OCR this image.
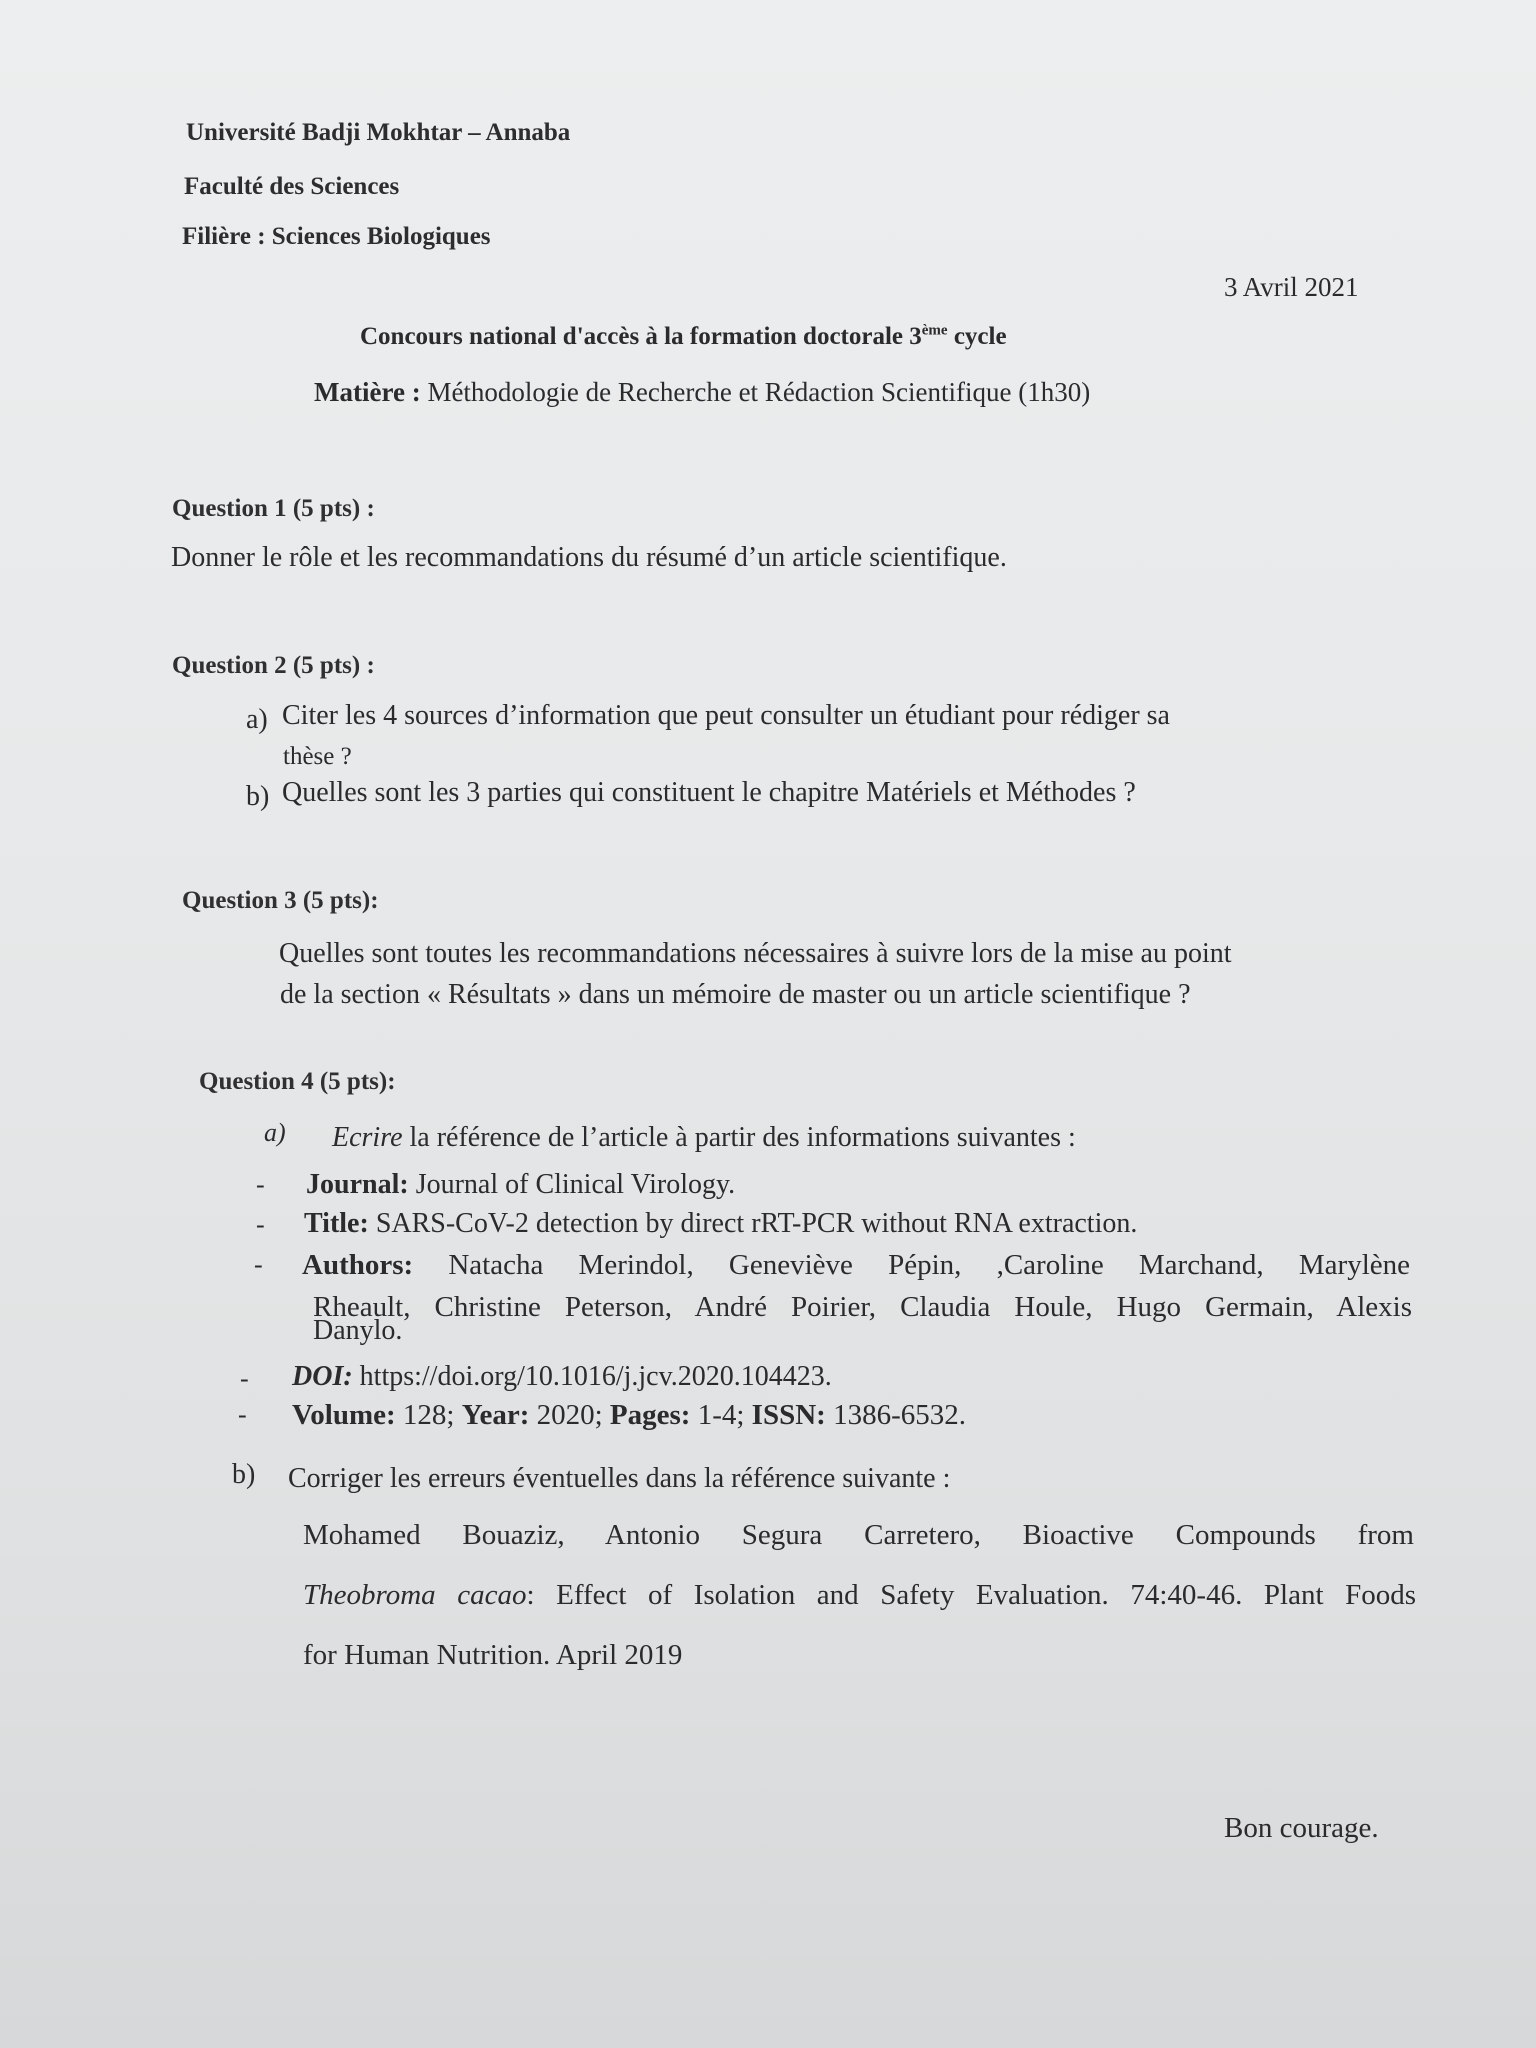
Université Badji Mokhtar – Annaba
Faculté des Sciences
Filière : Sciences Biologiques
3 Avril 2021
Concours national d'accès à la formation doctorale 3ème cycle
Matière : Méthodologie de Recherche et Rédaction Scientifique (1h30)
Question 1 (5 pts) :
Donner le rôle et les recommandations du résumé d’un article scientifique.
Question 2 (5 pts) :
a) Citer les 4 sources d’information que peut consulter un étudiant pour rédiger sa
thèse ?
b) Quelles sont les 3 parties qui constituent le chapitre Matériels et Méthodes ?
Question 3 (5 pts):
Quelles sont toutes les recommandations nécessaires à suivre lors de la mise au point
de la section « Résultats » dans un mémoire de master ou un article scientifique ?
Question 4 (5 pts):
a) Ecrire la référence de l’article à partir des informations suivantes :
- Journal: Journal of Clinical Virology.
- Title: SARS-CoV-2 detection by direct rRT-PCR without RNA extraction.
- Authors: Natacha Merindol, Geneviève Pépin, ,Caroline Marchand, Marylène
Rheault, Christine Peterson, André Poirier, Claudia Houle, Hugo Germain, Alexis
Danylo.
- DOI: https://doi.org/10.1016/j.jcv.2020.104423.
- Volume: 128; Year: 2020; Pages: 1-4; ISSN: 1386-6532.
b) Corriger les erreurs éventuelles dans la référence suivante :
Mohamed Bouaziz, Antonio Segura Carretero, Bioactive Compounds from
Theobroma cacao: Effect of Isolation and Safety Evaluation. 74:40-46. Plant Foods
for Human Nutrition. April 2019
Bon courage.
